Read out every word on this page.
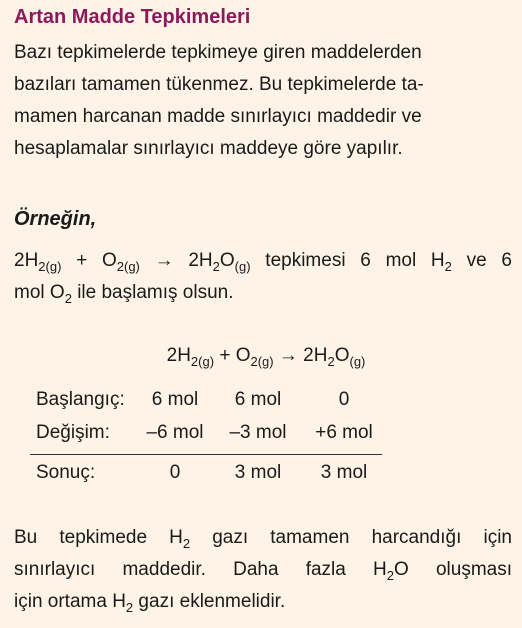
Artan Madde Tepkimeleri
Bazı tepkimelerde tepkimeye giren maddelerden
bazıları tamamen tükenmez. Bu tepkimelerde ta-
mamen harcanan madde sınırlayıcı maddedir ve
hesaplamalar sınırlayıcı maddeye göre yapılır.
Örneğin,
$2H_{2(g)} + O_{2(g)} \to 2H_2O_{(g)}$ tepkimesi 6 mol $H_2$ ve 6
mol $O_2$ ile başlamış olsun.
$2H_{2(g)} + O_{2(g)} \to 2H_2O_{(g)}$
Başlangıç:	6 mol	6 mol	0
Değişim:	–6 mol	–3 mol	+6 mol
Sonuç:	0	3 mol	3 mol
Bu tepkimede $H_2$ gazı tamamen harcandığı için
sınırlayıcı maddedir. Daha fazla $H_2O$ oluşması
için ortama $H_2$ gazı eklenmelidir.
